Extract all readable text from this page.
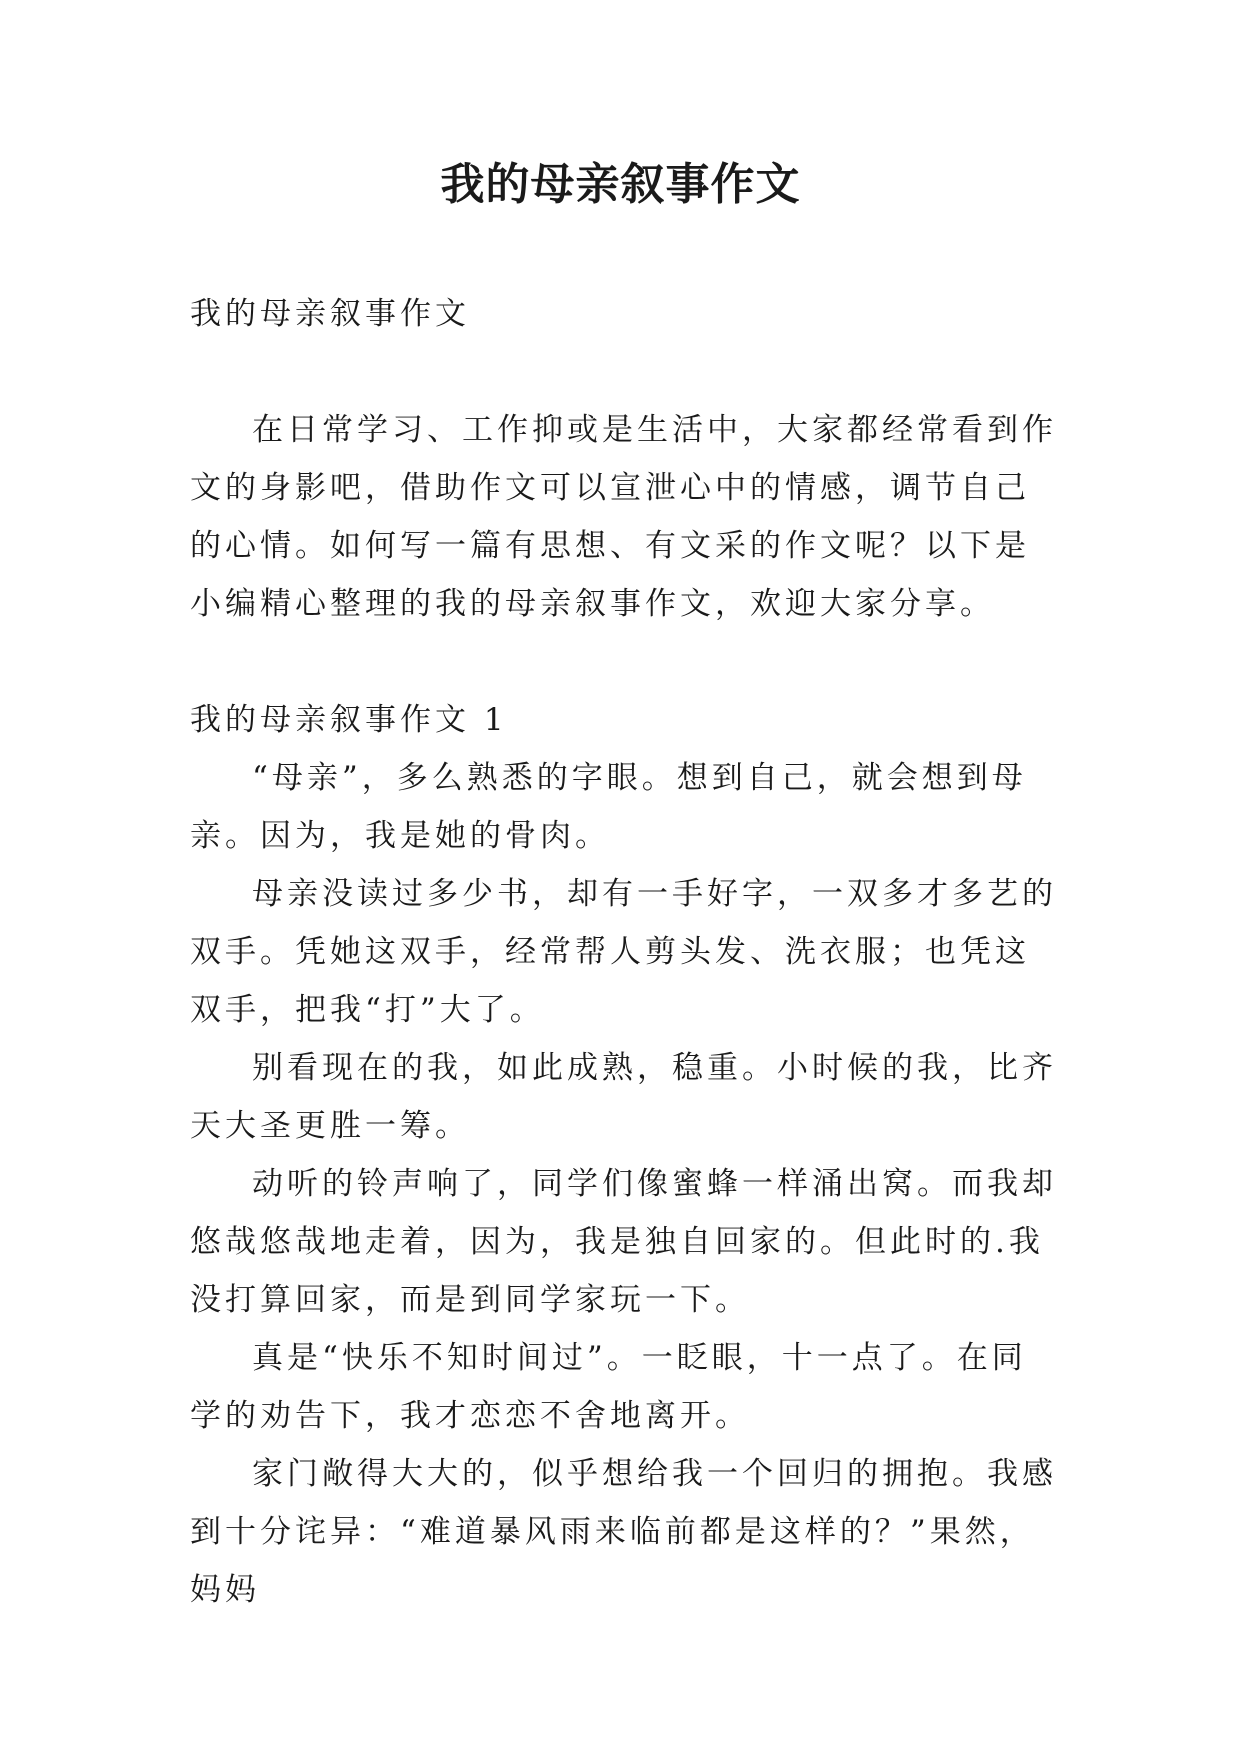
我的母亲叙事作文

我的母亲叙事作文

在日常学习、工作抑或是生活中，大家都经常看到作文的身影吧，借助作文可以宣泄心中的情感，调节自己的心情。如何写一篇有思想、有文采的作文呢？以下是小编精心整理的我的母亲叙事作文，欢迎大家分享。

我的母亲叙事作文 1

“母亲”，多么熟悉的字眼。想到自己，就会想到母亲。因为，我是她的骨肉。

母亲没读过多少书，却有一手好字，一双多才多艺的双手。凭她这双手，经常帮人剪头发、洗衣服；也凭这双手，把我“打”大了。

别看现在的我，如此成熟，稳重。小时候的我，比齐天大圣更胜一筹。

动听的铃声响了，同学们像蜜蜂一样涌出窝。而我却悠哉悠哉地走着，因为，我是独自回家的。但此时的.我没打算回家，而是到同学家玩一下。

真是“快乐不知时间过”。一眨眼，十一点了。在同学的劝告下，我才恋恋不舍地离开。

家门敞得大大的，似乎想给我一个回归的拥抱。我感到十分诧异：“难道暴风雨来临前都是这样的？”果然，妈妈
